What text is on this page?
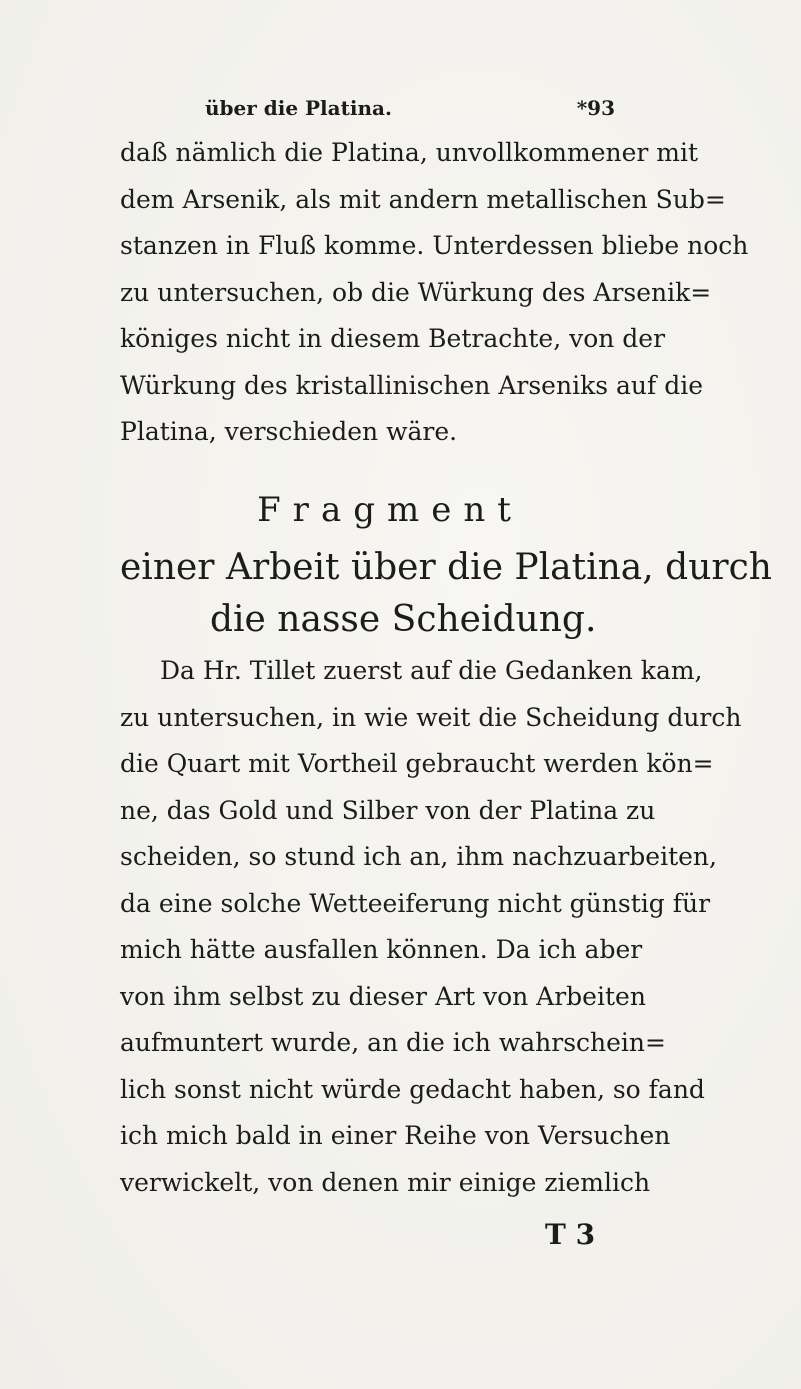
über die Platina.	*93
daß nämlich die Platina, unvollkommener mit
dem Arsenik, als mit andern metallischen Sub=
stanzen in Fluß komme. Unterdessen bliebe noch
zu untersuchen, ob die Würkung des Arsenik=
königes nicht in diesem Betrachte, von der
Würkung des kristallinischen Arseniks auf die
Platina, verschieden wäre.
Fragment
einer Arbeit über die Platina, durch
die nasse Scheidung.
Da Hr. Tillet zuerst auf die Gedanken kam,
zu untersuchen, in wie weit die Scheidung durch
die Quart mit Vortheil gebraucht werden kön=
ne, das Gold und Silber von der Platina zu
scheiden, so stund ich an, ihm nachzuarbeiten,
da eine solche Wetteeiferung nicht günstig für
mich hätte ausfallen können. Da ich aber
von ihm selbst zu dieser Art von Arbeiten
aufmuntert wurde, an die ich wahrschein=
lich sonst nicht würde gedacht haben, so fand
ich mich bald in einer Reihe von Versuchen
verwickelt, von denen mir einige ziemlich
T 3
